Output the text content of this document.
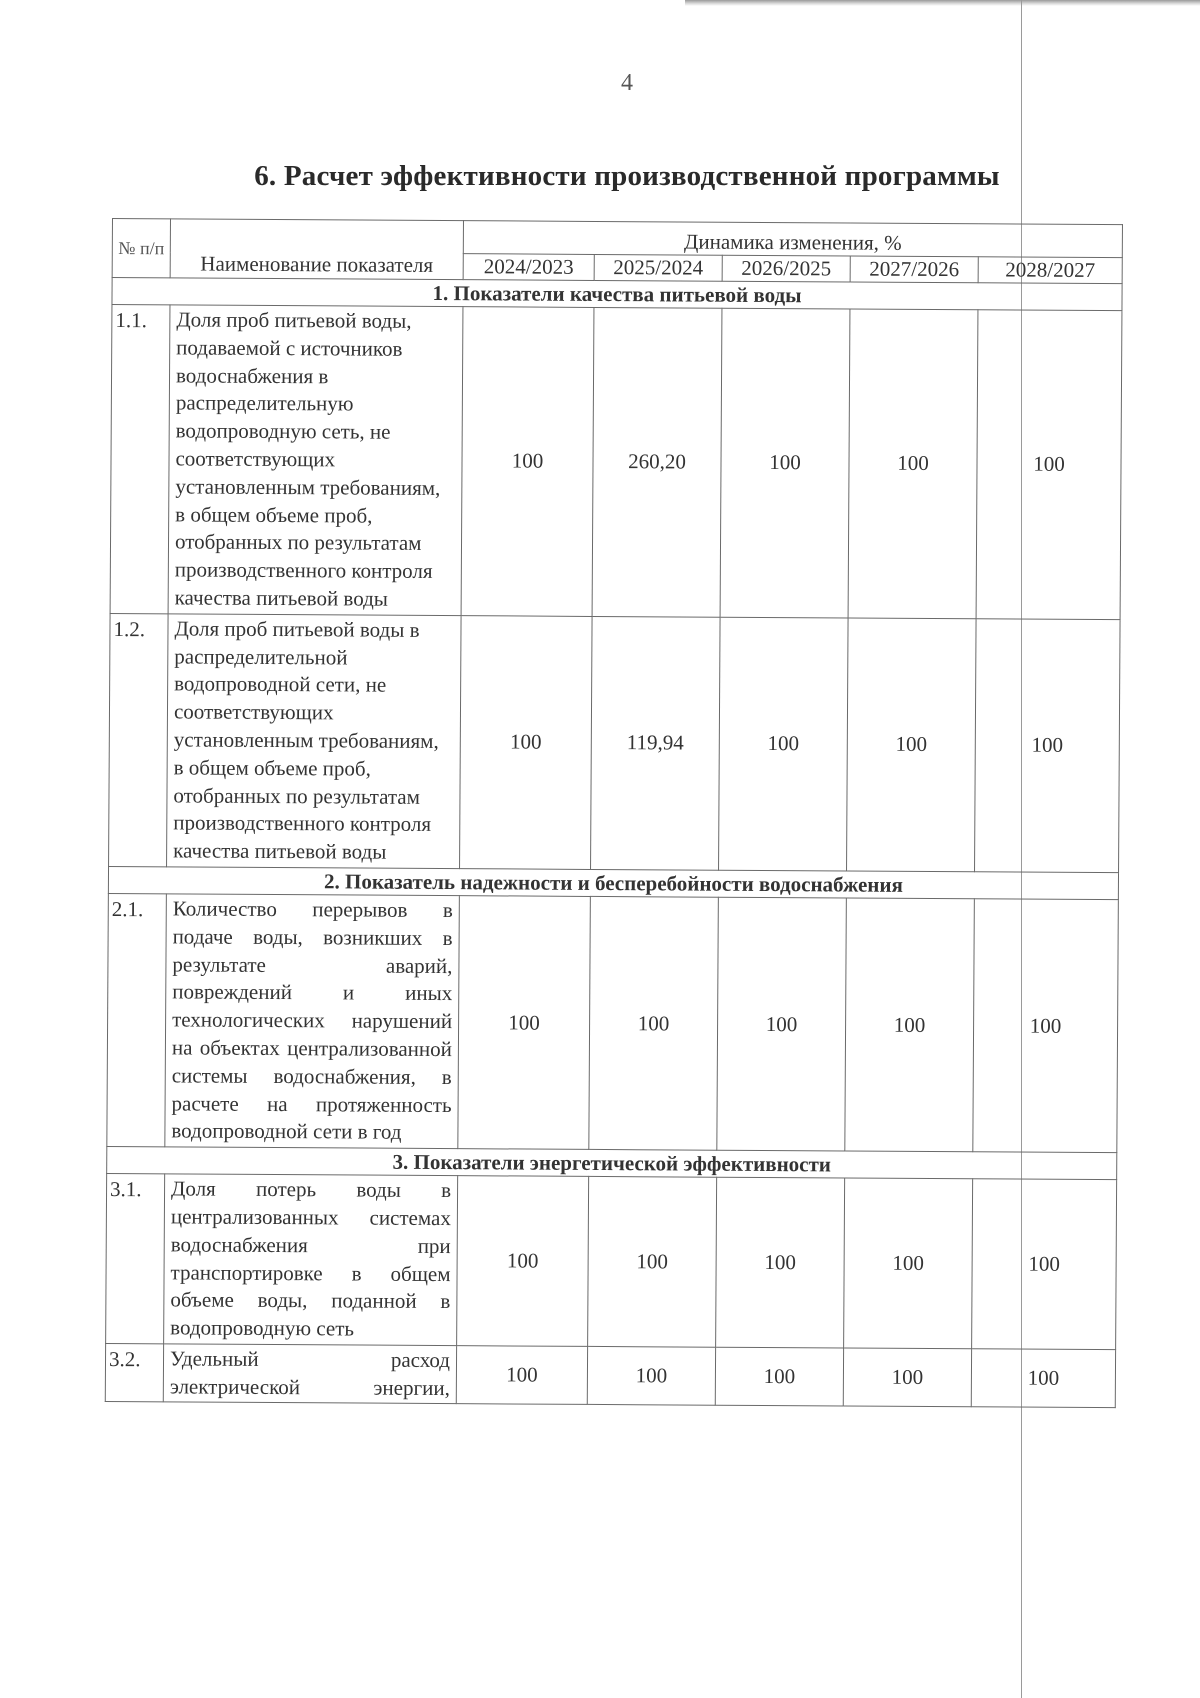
4
6. Расчет эффективности производственной программы
№ п/п	Наименование показателя	Динамика изменения, %				
		2024/2023	2025/2024	2026/2025	2027/2026	2028/2027
1. Показатели качества питьевой воды						
1.1.	Доля проб питьевой воды, подаваемой с источников водоснабжения в распределительную водопроводную сеть, не соответствующих установленным требованиям, в общем объеме проб, отобранных по результатам производственного контроля качества питьевой воды	100	260,20	100	100	100
1.2.	Доля проб питьевой воды в распределительной водопроводной сети, не соответствующих установленным требованиям, в общем объеме проб, отобранных по результатам производственного контроля качества питьевой воды	100	119,94	100	100	100
2. Показатель надежности и бесперебойности водоснабжения						
2.1.	Количество перерывов в подаче воды, возникших в результате аварий, повреждений и иных технологических нарушений на объектах централизованной системы водоснабжения, в расчете на протяженность водопроводной сети в год	100	100	100	100	100
3. Показатели энергетической эффективности						
3.1.	Доля потерь воды в централизованных системах водоснабжения при транспортировке в общем объеме воды, поданной в водопроводную сеть	100	100	100	100	100
3.2.	Удельный расход электрической энергии,	100	100	100	100	100
